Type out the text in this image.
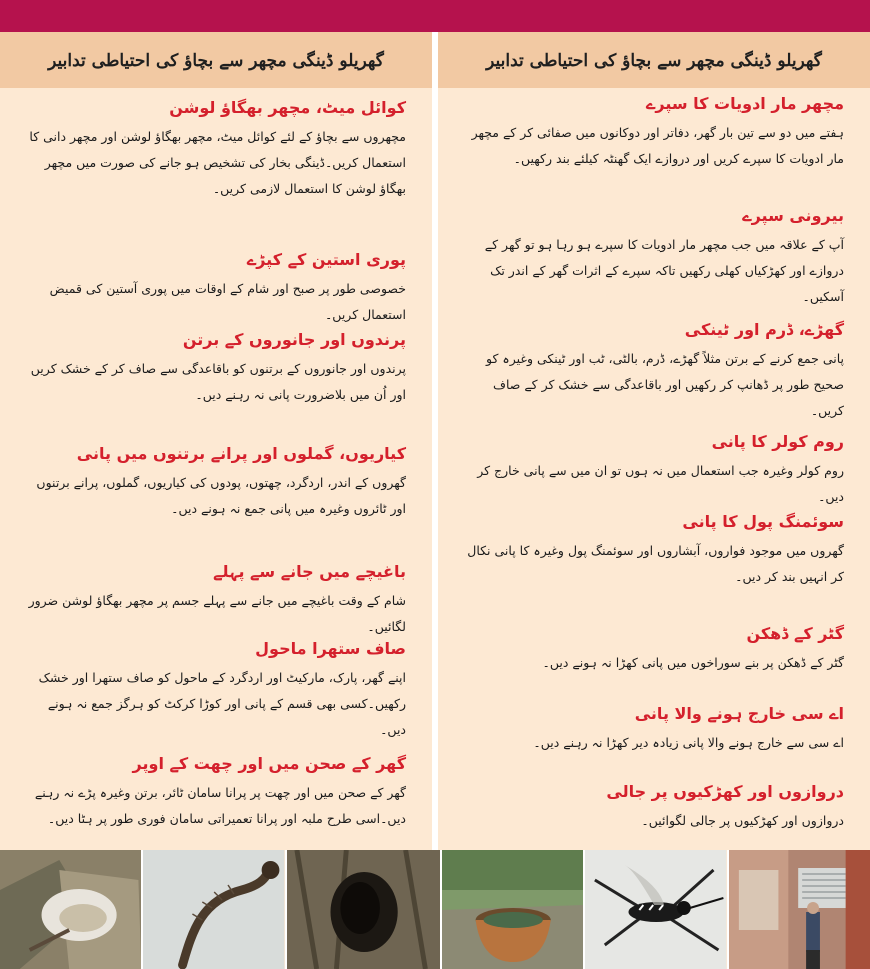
گھریلو ڈینگی مچھر سے بچاؤ کی احتیاطی تدابیر
کوائل میٹ، مچھر بھگاؤ لوشن

مچھروں سے بچاؤ کے لئے کوائل میٹ، مچھر بھگاؤ لوشن اور مچھر دانی کا استعمال کریں۔ڈینگی بخار کی تشخیص ہو جانے کی صورت میں مچھر بھگاؤ لوشن کا استعمال لازمی کریں۔

پوری استین کے کپڑے

خصوصی طور پر صبح اور شام کے اوقات میں پوری آستین کی قمیض استعمال کریں۔

پرندوں اور جانوروں کے برتن

پرندوں اور جانوروں کے برتنوں کو باقاعدگی سے صاف کر کے خشک کریں اور اُن میں بلاضرورت پانی نہ رہنے دیں۔

کیاریوں، گملوں اور پرانے برتنوں میں پانی

گھروں کے اندر، اردگرد، چھتوں، پودوں کی کیاریوں، گملوں، پرانے برتنوں اور ٹائروں وغیرہ میں پانی جمع نہ ہونے دیں۔

باغیچے میں جانے سے پہلے

شام کے وقت باغیچے میں جانے سے پہلے جسم پر مچھر بھگاؤ لوشن ضرور لگائیں۔

صاف ستھرا ماحول

اپنے گھر، پارک، مارکیٹ اور اردگرد کے ماحول کو صاف ستھرا اور خشک رکھیں۔کسی بھی قسم کے پانی اور کوڑا کرکٹ کو ہرگز جمع نہ ہونے دیں۔

گھر کے صحن میں اور چھت کے اوپر

گھر کے صحن میں اور چھت پر پرانا سامان ٹائر، برتن وغیرہ پڑے نہ رہنے دیں۔اسی طرح ملبہ اور پرانا تعمیراتی سامان فوری طور پر ہٹا دیں۔

گھریلو ڈینگی مچھر سے بچاؤ کی احتیاطی تدابیر
مچھر مار ادویات کا سپرے

ہفتے میں دو سے تین بار گھر، دفاتر اور دوکانوں میں صفائی کر کے مچھر مار ادویات کا سپرے کریں اور دروازے ایک گھنٹہ کیلئے بند رکھیں۔

بیرونی سپرے

آپ کے علاقہ میں جب مچھر مار ادویات کا سپرے ہو رہا ہو تو گھر کے دروازے اور کھڑکیاں کھلی رکھیں تاکہ سپرے کے اثرات گھر کے اندر تک آسکیں۔

گھڑے، ڈرم اور ٹینکی

پانی جمع کرنے کے برتن مثلاً گھڑے، ڈرم، بالٹی، ٹب اور ٹینکی وغیرہ کو صحیح طور پر ڈھانپ کر رکھیں اور باقاعدگی سے خشک کر کے صاف کریں۔

روم کولر کا پانی

روم کولر وغیرہ جب استعمال میں نہ ہوں تو ان میں سے پانی خارج کر دیں۔

سوئمنگ پول کا پانی

گھروں میں موجود فواروں، آبشاروں اور سوئمنگ پول وغیرہ کا پانی نکال کر انہیں بند کر دیں۔

گٹر کے ڈھکن

گٹر کے ڈھکن پر بنے سوراخوں میں پانی کھڑا نہ ہونے دیں۔

اے سی خارج ہونے والا پانی

اے سی سے خارج ہونے والا پانی زیادہ دیر کھڑا نہ رہنے دیں۔

دروازوں اور کھڑکیوں پر جالی

دروازوں اور کھڑکیوں پر جالی لگوائیں۔
